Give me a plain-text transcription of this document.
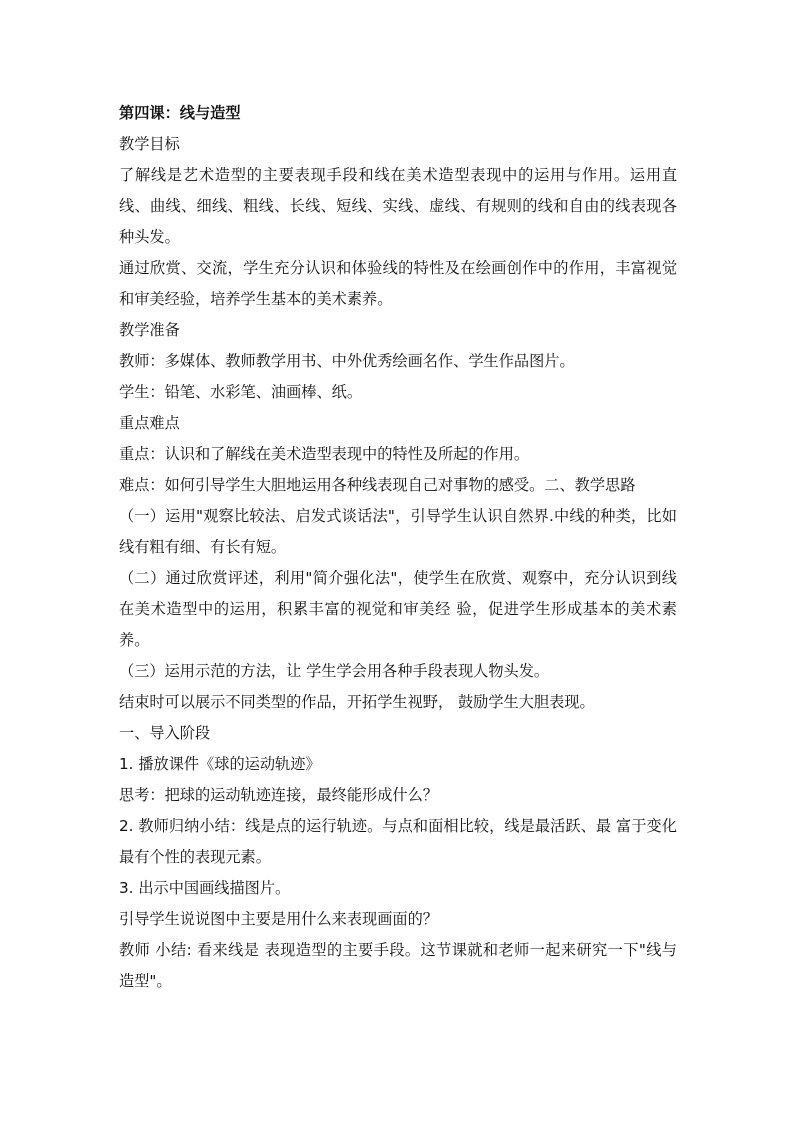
第四课：线与造型
教学目标
了解线是艺术造型的主要表现手段和线在美术造型表现中的运用与作用。运用直线、曲线、细线、粗线、长线、短线、实线、虚线、有规则的线和自由的线表现各种头发。
通过欣赏、交流，学生充分认识和体验线的特性及在绘画创作中的作用，丰富视觉和审美经验，培养学生基本的美术素养。
教学准备
教师：多媒体、教师教学用书、中外优秀绘画名作、学生作品图片。
学生：铅笔、水彩笔、油画棒、纸。
重点难点
重点：认识和了解线在美术造型表现中的特性及所起的作用。
难点：如何引导学生大胆地运用各种线表现自己对事物的感受。二、教学思路
（一）运用"观察比较法、启发式谈话法"，引导学生认识自然界.中线的种类，比如线有粗有细、有长有短。
（二）通过欣赏评述，利用"简介强化法"，使学生在欣赏、观察中，充分认识到线在美术造型中的运用，积累丰富的视觉和审美经 验，促进学生形成基本的美术素养。
（三）运用示范的方法，让 学生学会用各种手段表现人物头发。
结束时可以展示不同类型的作品，开拓学生视野， 鼓励学生大胆表现。
一、导入阶段
1. 播放课件《球的运动轨迹》
思考：把球的运动轨迹连接，最终能形成什么？
2. 教师归纳小结：线是点的运行轨迹。与点和面相比较，线是最活跃、最 富于变化最有个性的表现元素。
3. 出示中国画线描图片。
引导学生说说图中主要是用什么来表现画面的？
教师 小结: 看来线是 表现造型的主要手段。这节课就和老师一起来研究一下"线与造型"。
